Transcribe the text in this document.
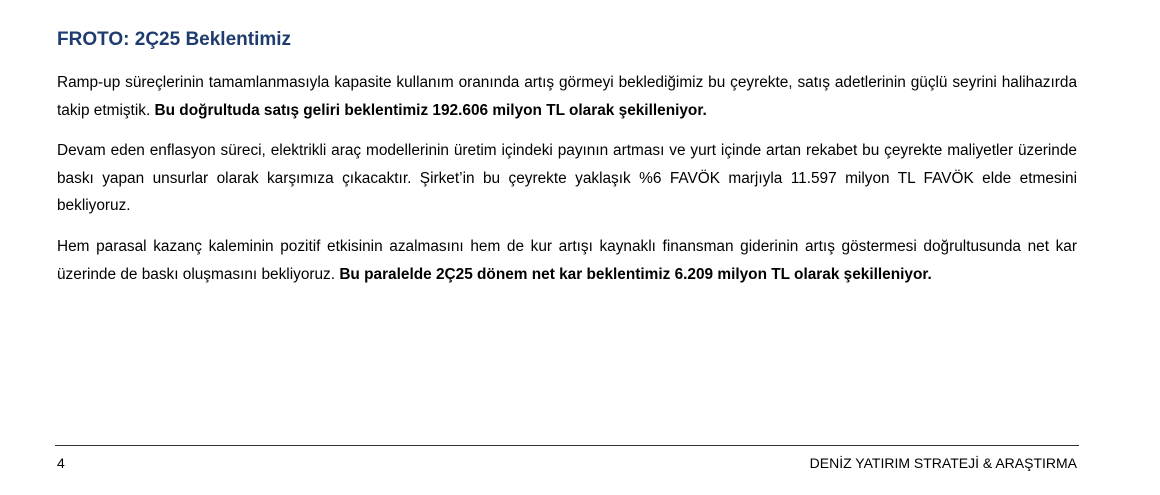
FROTO: 2Ç25 Beklentimiz

Ramp-up süreçlerinin tamamlanmasıyla kapasite kullanım oranında artış görmeyi beklediğimiz bu çeyrekte, satış adetlerinin güçlü seyrini halihazırda takip etmiştik. Bu doğrultuda satış geliri beklentimiz 192.606 milyon TL olarak şekilleniyor.

Devam eden enflasyon süreci, elektrikli araç modellerinin üretim içindeki payının artması ve yurt içinde artan rekabet bu çeyrekte maliyetler üzerinde baskı yapan unsurlar olarak karşımıza çıkacaktır. Şirket’in bu çeyrekte yaklaşık %6 FAVÖK marjıyla 11.597 milyon TL FAVÖK elde etmesini bekliyoruz.

Hem parasal kazanç kaleminin pozitif etkisinin azalmasını hem de kur artışı kaynaklı finansman giderinin artış göstermesi doğrultusunda net kar üzerinde de baskı oluşmasını bekliyoruz. Bu paralelde 2Ç25 dönem net kar beklentimiz 6.209 milyon TL olarak şekilleniyor.

4	DENİZ YATIRIM STRATEJİ & ARAŞTIRMA
